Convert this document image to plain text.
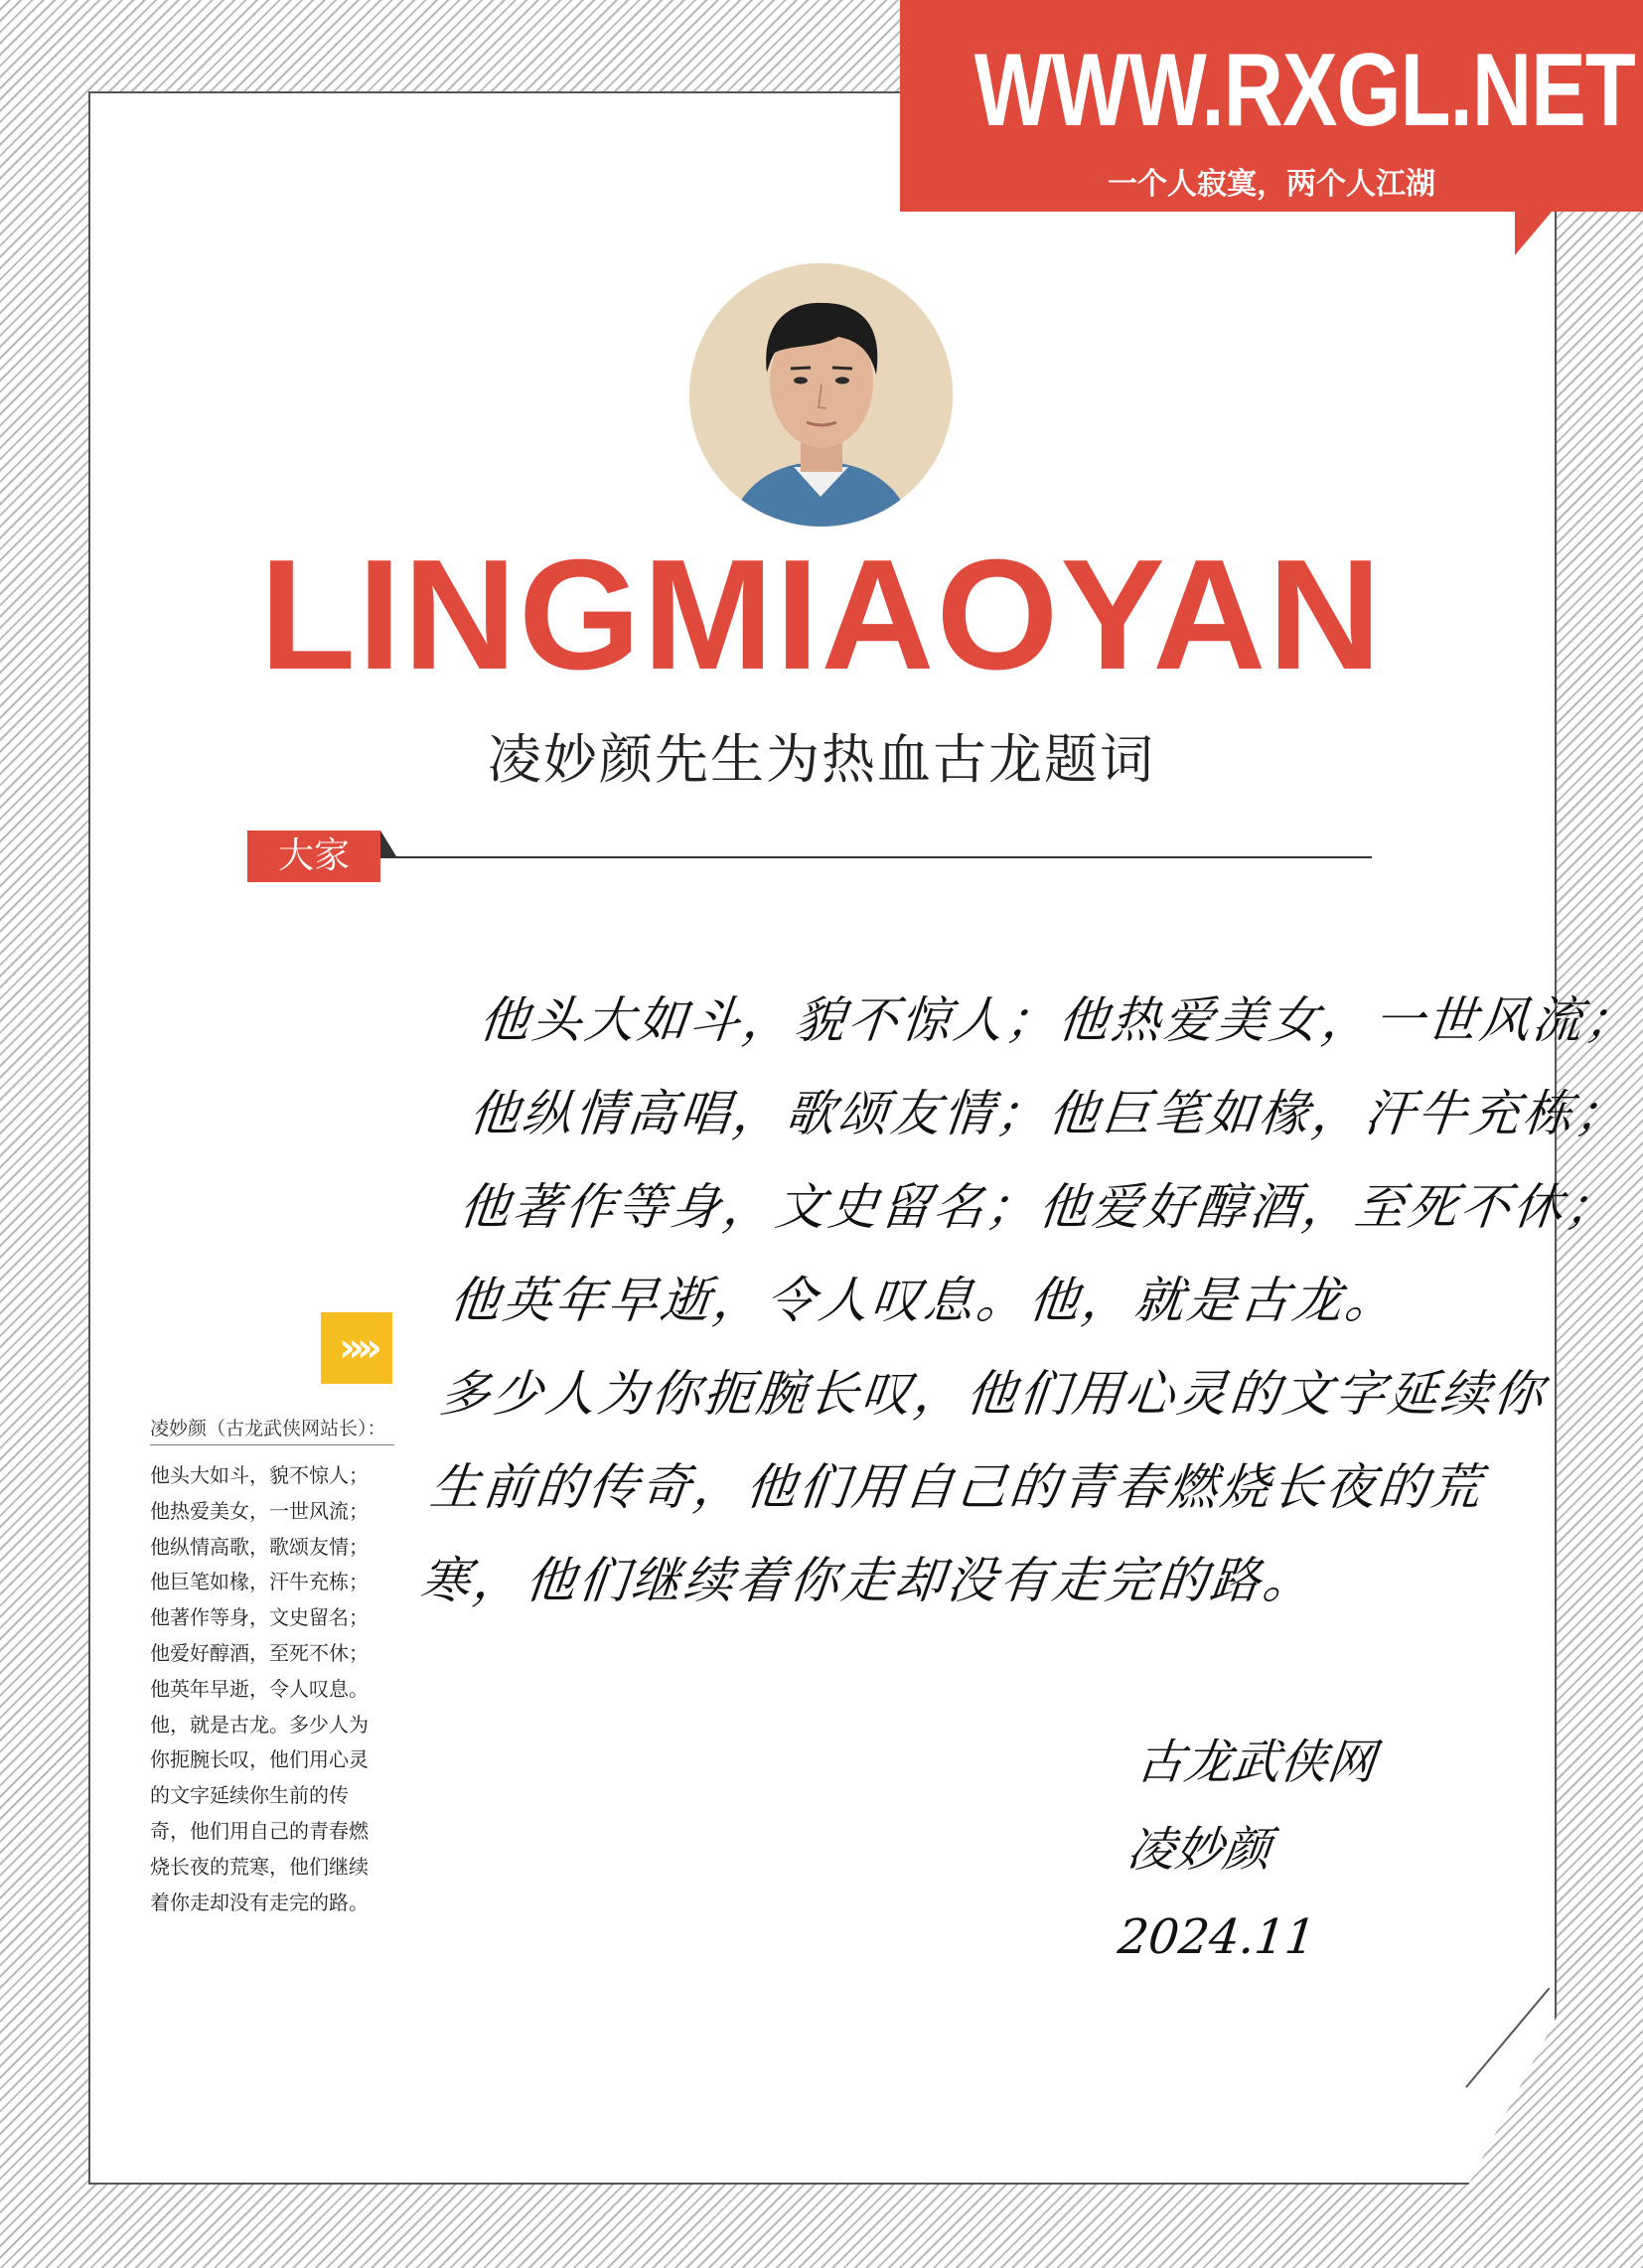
WWW.RXGL.NET
一个人寂寞，两个人江湖
LINGMIAOYAN
凌妙颜先生为热血古龙题词
大家
他头大如斗，貌不惊人；他热爱美女，一世风流；
他纵情高唱，歌颂友情；他巨笔如椽，汗牛充栋；
他著作等身，文史留名；他爱好醇酒，至死不休；
他英年早逝，令人叹息。他，就是古龙。
多少人为你扼腕长叹，他们用心灵的文字延续你
生前的传奇，他们用自己的青春燃烧长夜的荒
寒，他们继续着你走却没有走完的路。
古龙武侠网
凌妙颜
2024.11
»»
凌妙颜（古龙武侠网站长）：
他头大如斗，貌不惊人；
他热爱美女，一世风流；
他纵情高歌，歌颂友情；
他巨笔如椽，汗牛充栋；
他著作等身，文史留名；
他爱好醇酒，至死不休；
他英年早逝，令人叹息。
他，就是古龙。多少人为
你扼腕长叹，他们用心灵
的文字延续你生前的传
奇，他们用自己的青春燃
烧长夜的荒寒，他们继续
着你走却没有走完的路。
